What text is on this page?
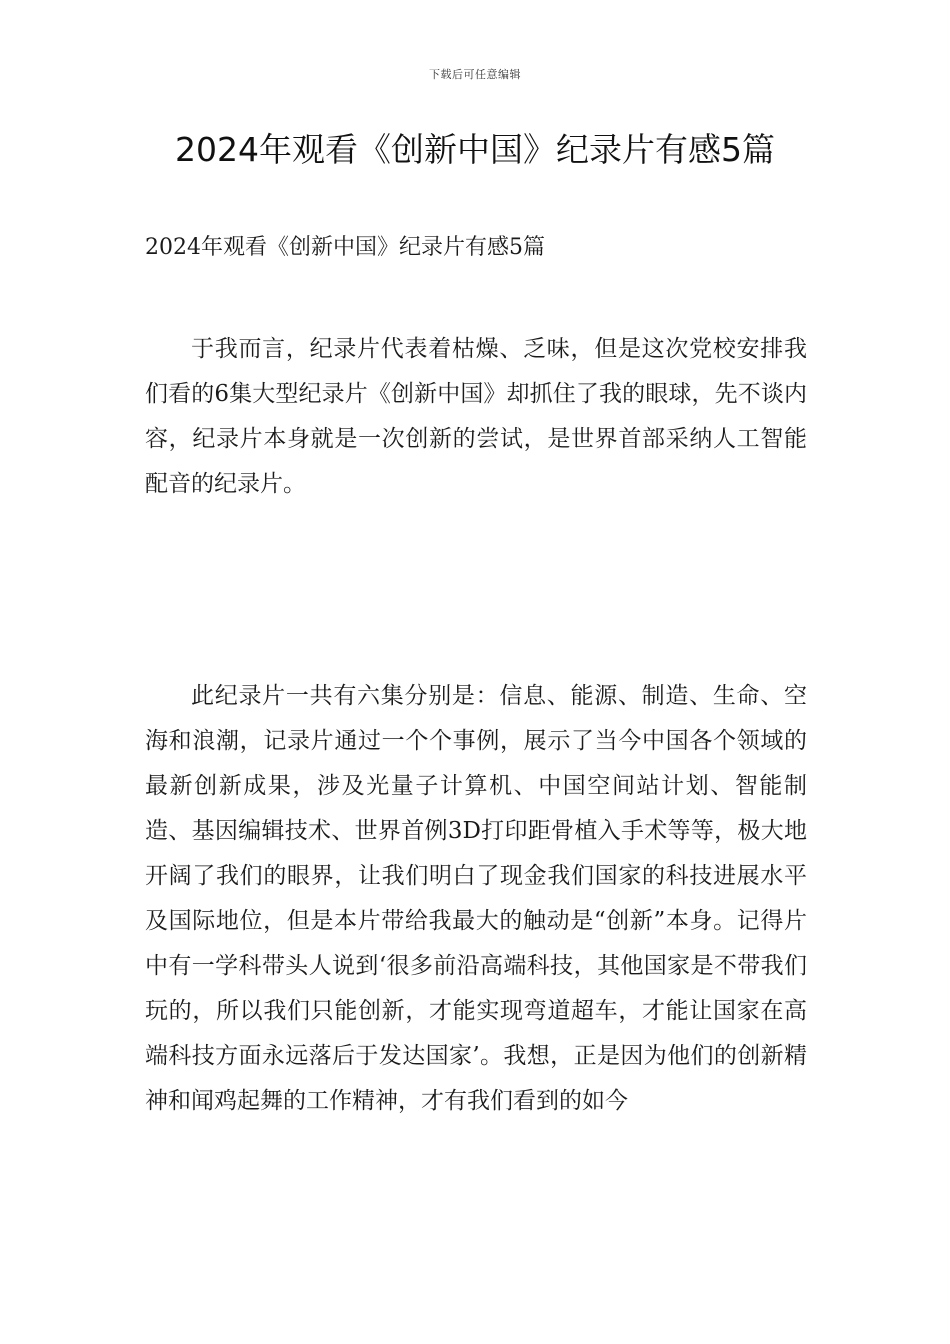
下载后可任意编辑
2024年观看《创新中国》纪录片有感5篇

2024年观看《创新中国》纪录片有感5篇

于我而言，纪录片代表着枯燥、乏味，但是这次党校安排我们看的6集大型纪录片《创新中国》却抓住了我的眼球，先不谈内容，纪录片本身就是一次创新的尝试，是世界首部采纳人工智能配音的纪录片。

此纪录片一共有六集分别是：信息、能源、制造、生命、空海和浪潮，记录片通过一个个事例，展示了当今中国各个领域的最新创新成果，涉及光量子计算机、中国空间站计划、智能制造、基因编辑技术、世界首例3D打印距骨植入手术等等，极大地开阔了我们的眼界，让我们明白了现金我们国家的科技进展水平及国际地位，但是本片带给我最大的触动是“创新”本身。记得片中有一学科带头人说到‘很多前沿高端科技，其他国家是不带我们玩的，所以我们只能创新，才能实现弯道超车，才能让国家在高端科技方面永远落后于发达国家’。我想，正是因为他们的创新精神和闻鸡起舞的工作精神，才有我们看到的如今
